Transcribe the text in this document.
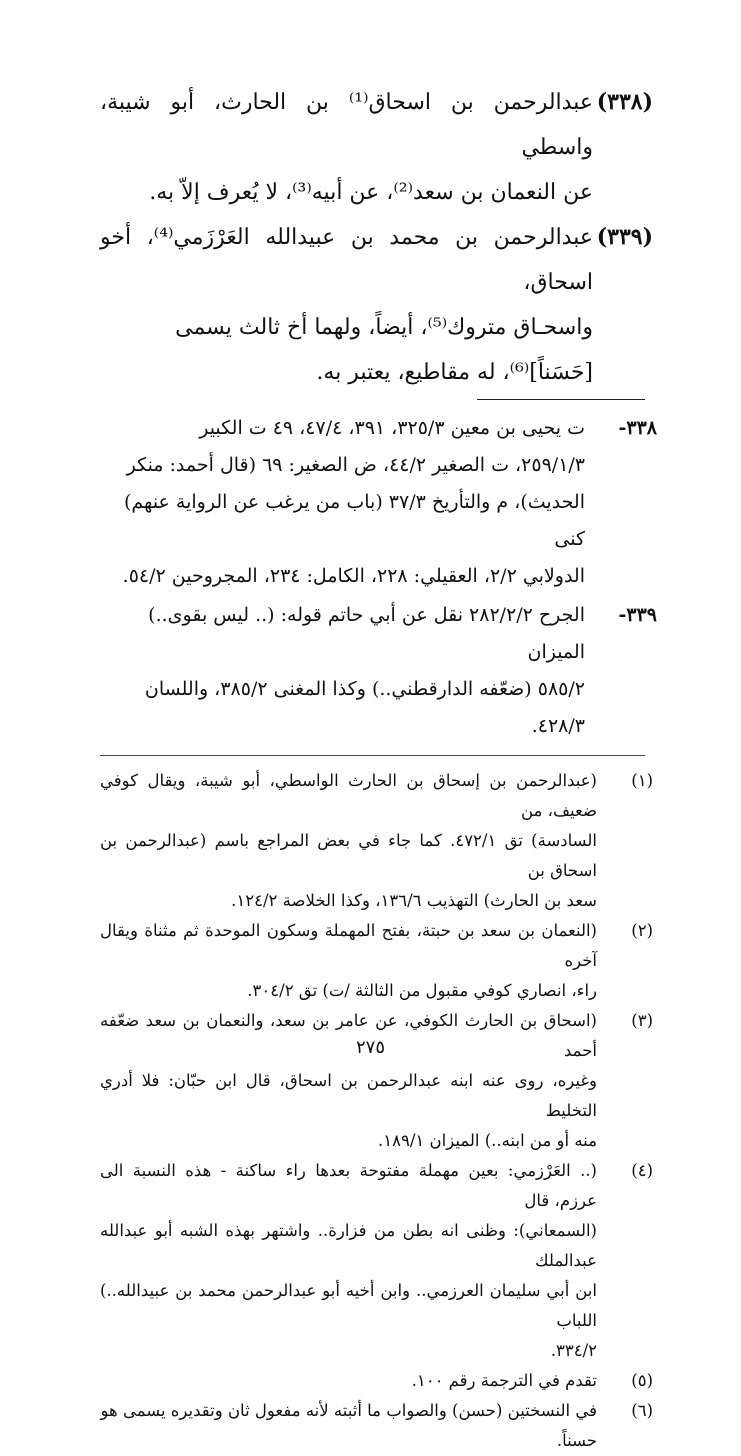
(٣٣٨)

عبدالرحمن بن اسحاق⁽¹⁾ بن الحارث، أبو شيبة، واسطي

عن النعمان بن سعد⁽²⁾، عن أبيه⁽³⁾، لا يُعرف إلاّ به.

(٣٣٩)

عبدالرحمن بن محمد بن عبيدالله العَرْزَمي⁽⁴⁾، أخو اسحاق،

واسحـاق متروك⁽⁵⁾، أيضاً، ولهما أخ ثالث يسمى

[حَسَناً]⁽⁶⁾، له مقاطيع، يعتبر به.

٣٣٨-
ت يحيى بن معين ٣٢٥/٣، ٣٩١، ٤٧/٤، ٤٩ ت الكبير
٢٥٩/١/٣، ت الصغير ٤٤/٢، ض الصغير: ٦٩ (قال أحمد: منكر
الحديث)، م والتأريخ ٣٧/٣ (باب من يرغب عن الرواية عنهم) كنى
الدولابي ٢/٢، العقيلي: ٢٢٨، الكامل: ٢٣٤، المجروحين ٥٤/٢.
٣٣٩-
الجرح ٢٨٢/٢/٢ نقل عن أبي حاتم قوله: (.. ليس بقوى..) الميزان
٥٨٥/٢ (ضعّفه الدارقطني..) وكذا المغنى ٣٨٥/٢، واللسان
٤٢٨/٣.
(١)
(عبدالرحمن بن إسحاق بن الحارث الواسطي، أبو شيبة، ويقال كوفي ضعيف، من
السادسة) تق ٤٧٢/١. كما جاء في بعض المراجع باسم (عبدالرحمن بن اسحاق بن
سعد بن الحارث) التهذيب ١٣٦/٦، وكذا الخلاصة ١٢٤/٢.
(٢)
(النعمان بن سعد بن حبتة، بفتح المهملة وسكون الموحدة ثم مثناة ويقال آخره
راء، انصاري كوفي مقبول من الثالثة /ت) تق ٣٠٤/٢.
(٣)
(اسحاق بن الحارث الكوفي، عن عامر بن سعد، والنعمان بن سعد ضعّفه أحمد
وغيره، روى عنه ابنه عبدالرحمن بن اسحاق، قال ابن حبّان: فلا أدري التخليط
منه أو من ابنه..) الميزان ١٨٩/١.
(٤)
(.. العَرْزمي: بعين مهملة مفتوحة بعدها راء ساكنة - هذه النسبة الى عرزم، قال
(السمعاني): وظنى انه بطن من فزارة.. واشتهر بهذه الشبه أبو عبدالله عبدالملك
ابن أبي سليمان العرزمي.. وابن أخيه أبو عبدالرحمن محمد بن عبيدالله..) اللباب
٣٣٤/٢.
(٥)
تقدم في الترجمة رقم ١٠٠.
(٦)
في النسختين (حسن) والصواب ما أثبته لأنه مفعول ثان وتقديره يسمى هو
حسناً.
٢٧٥
